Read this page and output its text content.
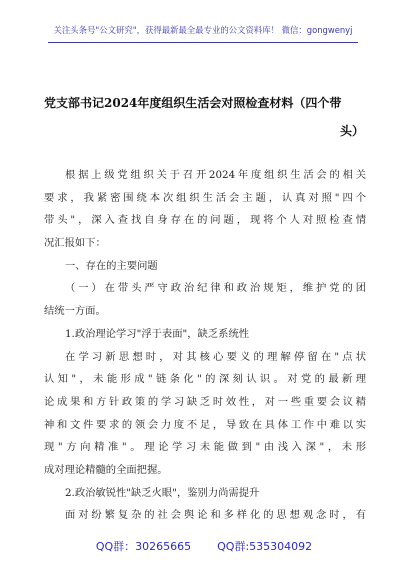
关注头条号"公文研究"，获得最新最全最专业的公文资料库！ 微信：gongwenyj
党支部书记2024年度组织生活会对照检查材料（四个带
头）
根据上级党组织关于召开2024年度组织生活会的相关
要求，我紧密围绕本次组织生活会主题，认真对照"四个
带头"，深入查找自身存在的问题，现将个人对照检查情
况汇报如下：
一、存在的主要问题
（一）在带头严守政治纪律和政治规矩，维护党的团
结统一方面。
1.政治理论学习"浮于表面"，缺乏系统性
在学习新思想时，对其核心要义的理解停留在"点状
认知"，未能形成"链条化"的深刻认识。对党的最新理
论成果和方针政策的学习缺乏时效性，对一些重要会议精
神和文件要求的领会力度不足，导致在具体工作中难以实
现"方向精准"。理论学习未能做到"由浅入深"，未形
成对理论精髓的全面把握。
2.政治敏锐性"缺乏火眼"，鉴别力尚需提升
面对纷繁复杂的社会舆论和多样化的思想观念时，有
QQ群：30265665 QQ群:535304092
